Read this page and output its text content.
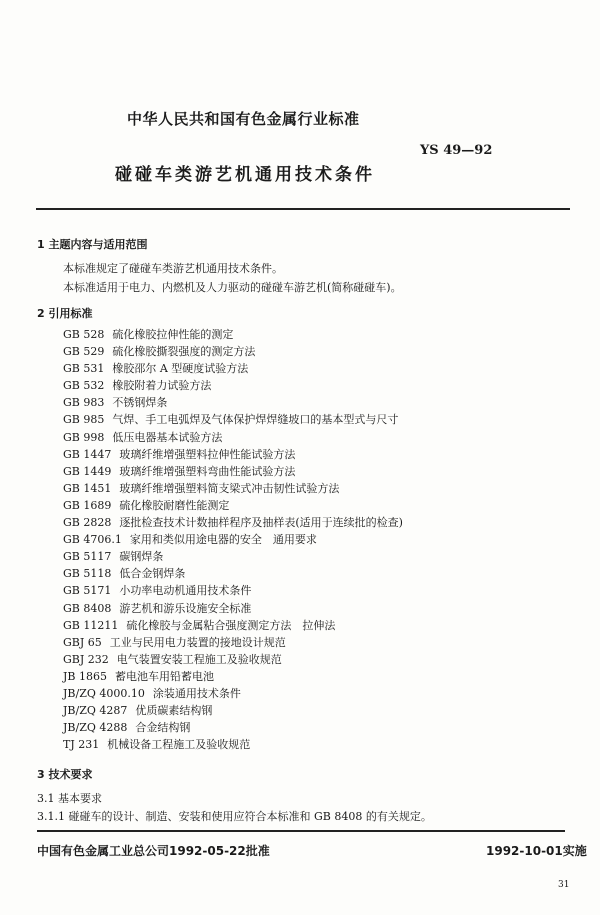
中华人民共和国有色金属行业标准
YS 49—92
碰碰车类游艺机通用技术条件
1 主题内容与适用范围
本标准规定了碰碰车类游艺机通用技术条件。
本标准适用于电力、内燃机及人力驱动的碰碰车游艺机(简称碰碰车)。
2 引用标准
GB 528 硫化橡胶拉伸性能的测定
GB 529 硫化橡胶撕裂强度的测定方法
GB 531 橡胶邵尔 A 型硬度试验方法
GB 532 橡胶附着力试验方法
GB 983 不锈钢焊条
GB 985 气焊、手工电弧焊及气体保护焊焊缝坡口的基本型式与尺寸
GB 998 低压电器基本试验方法
GB 1447 玻璃纤维增强塑料拉伸性能试验方法
GB 1449 玻璃纤维增强塑料弯曲性能试验方法
GB 1451 玻璃纤维增强塑料简支梁式冲击韧性试验方法
GB 1689 硫化橡胶耐磨性能测定
GB 2828 逐批检查技术计数抽样程序及抽样表(适用于连续批的检查)
GB 4706.1 家用和类似用途电器的安全　通用要求
GB 5117 碳钢焊条
GB 5118 低合金钢焊条
GB 5171 小功率电动机通用技术条件
GB 8408 游艺机和游乐设施安全标准
GB 11211 硫化橡胶与金属粘合强度测定方法　拉伸法
GBJ 65 工业与民用电力装置的接地设计规范
GBJ 232 电气装置安装工程施工及验收规范
JB 1865 蓄电池车用铅蓄电池
JB/ZQ 4000.10 涂装通用技术条件
JB/ZQ 4287 优质碳素结构钢
JB/ZQ 4288 合金结构钢
TJ 231 机械设备工程施工及验收规范
3 技术要求
3.1 基本要求
3.1.1 碰碰车的设计、制造、安装和使用应符合本标准和 GB 8408 的有关规定。
中国有色金属工业总公司1992-05-22批准	1992-10-01实施
31
